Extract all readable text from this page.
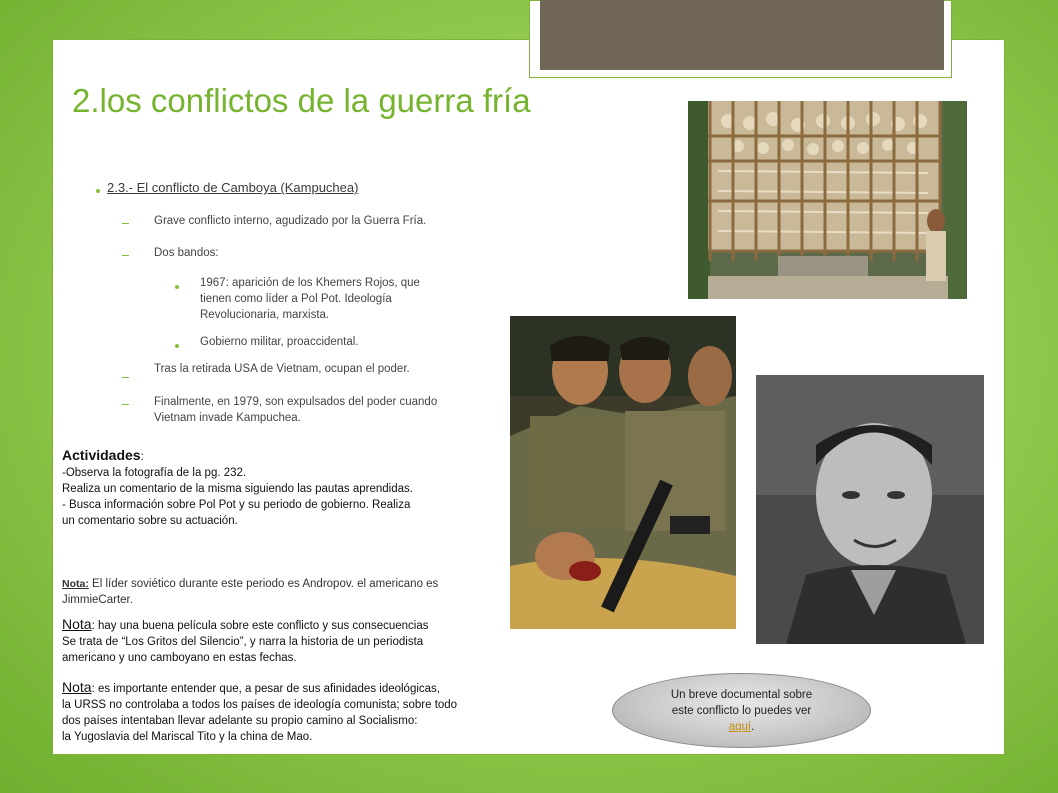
2.los conflictos de la guerra fría
2.3.- El conflicto de Camboya (Kampuchea)
Grave conflicto interno, agudizado por la Guerra Fría.
Dos bandos:
1967: aparición de los Khemers Rojos, que
tienen como líder a Pol Pot. Ideología
Revolucionaria, marxista.
Gobierno militar, proaccidental.
Tras la retirada USA de Vietnam, ocupan el poder.
Finalmente, en 1979, son expulsados del poder cuando
Vietnam invade Kampuchea.
Actividades:
-Observa la fotografía de la pg. 232.
Realiza un comentario de la misma siguiendo las pautas aprendidas.
- Busca información sobre Pol Pot y su periodo de gobierno. Realiza
un comentario sobre su actuación.
Nota: El líder soviético durante este periodo es Andropov. el americano es
JimmieCarter.
Nota: hay una buena película sobre este conflicto y sus consecuencias
Se trata de “Los Gritos del Silencio”, y narra la historia de un periodista
americano y uno camboyano en estas fechas.
Nota: es importante entender que, a pesar de sus afinidades ideológicas,
la URSS no controlaba a todos los países de ideología comunista; sobre todo
dos países intentaban llevar adelante su propio camino al Socialismo:
la Yugoslavia del Mariscal Tito y la china de Mao.
Un breve documental sobre este conflicto lo puedes ver aquí.
